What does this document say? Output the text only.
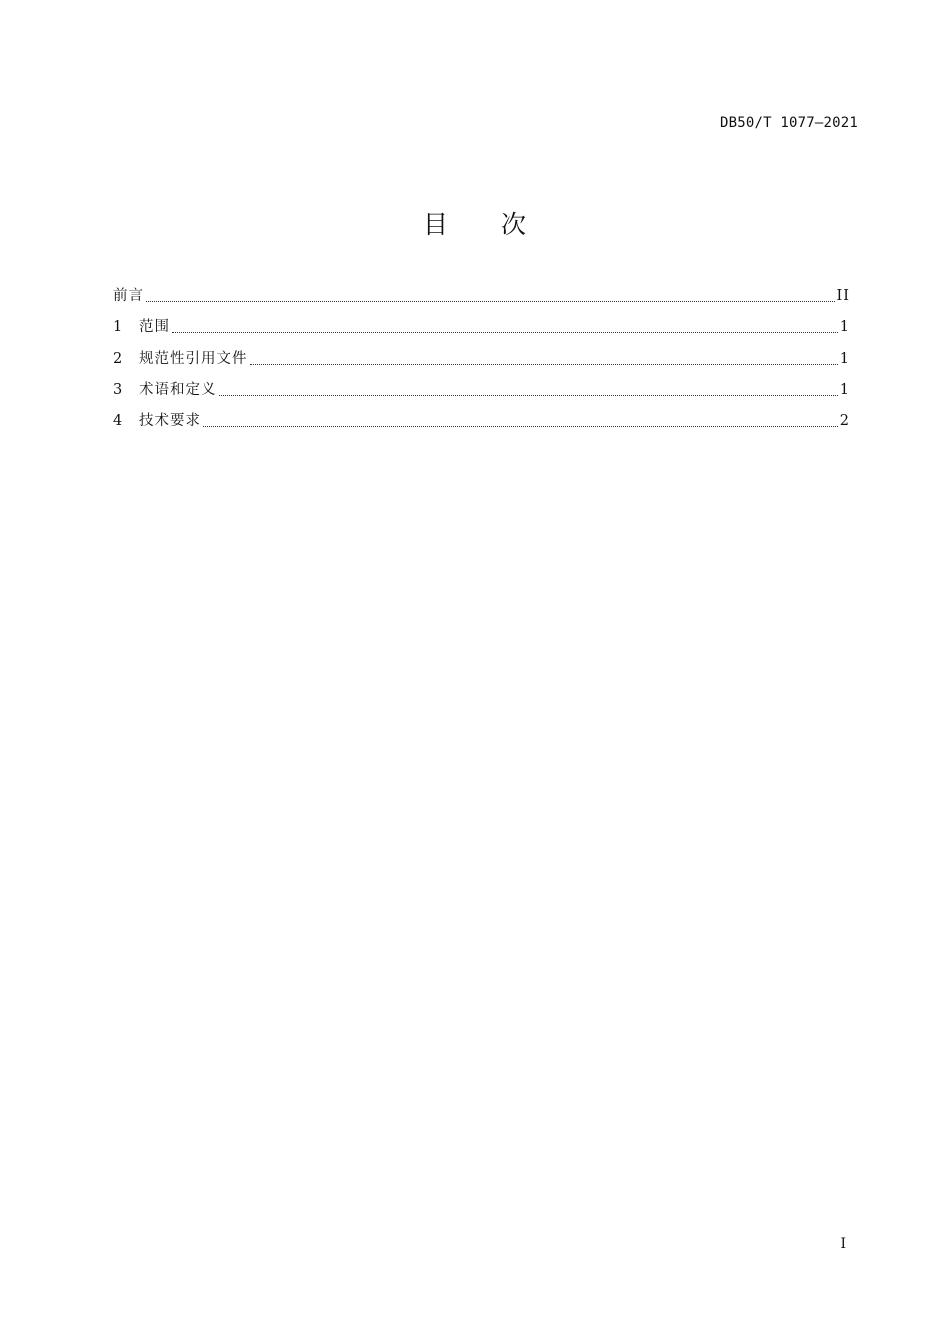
DB50/T 1077—2021
目 次
前言	II
1	范围	1
2	规范性引用文件	1
3	术语和定义	1
4	技术要求	2
I
